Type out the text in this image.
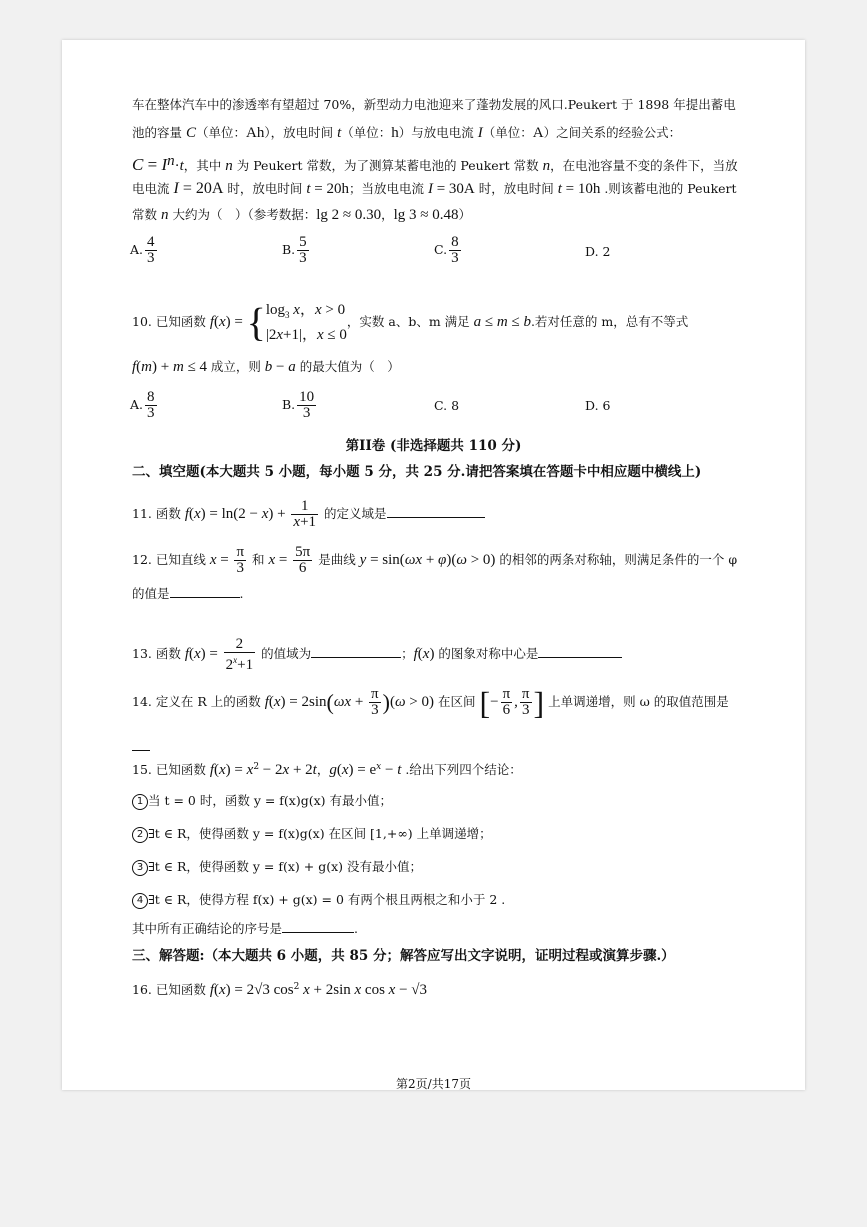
车在整体汽车中的渗透率有望超过 70%，新型动力电池迎来了蓬勃发展的风口.Peukert 于 1898 年提出蓄电
池的容量 C（单位：Ah），放电时间 t（单位：h）与放电电流 I（单位：A）之间关系的经验公式：
$C = I^n\cdot t$，其中 n 为 Peukert 常数，为了测算某蓄电池的 Peukert 常数 n，在电池容量不变的条件下，当放
电电流 I = 20A 时，放电时间 t = 20h；当放电电流 I = 30A 时，放电时间 t = 10h .则该蓄电池的 Peukert
常数 n 大约为（　）（参考数据：lg 2 ≈ 0.30，lg 3 ≈ 0.48）
A. $\frac{4}{3}$	B. $\frac{5}{3}$	C. $\frac{8}{3}$	D. 2
10. 已知函数 $f(x) = \{\log_3$ x，x > 0
|2x+1|，x ≤ 0，实数 a、b、m 满足 a ≤ m ≤ b.若对任意的 m，总有不等式
f(m) + m ≤ 4 成立，则 b − a 的最大值为（　）
A. $\frac{8}{3}$	B. $\frac{10}{3}$	C. 8	D. 6
第II卷 (非选择题共 110 分)
二、填空题(本大题共 5 小题，每小题 5 分，共 25 分.请把答案填在答题卡中相应题中横线上)
11. 函数 $f(x) = \ln(2 - x) + \frac{1}{x+1}$ 的定义域是
12. 已知直线 $x = \frac{\pi}{3}$ 和 $x = \frac{5\pi}{6}$ 是曲线 y = sin(ωx + φ)(ω > 0) 的相邻的两条对称轴，则满足条件的一个 φ
的值是	.
13. 函数 $f(x) = \frac{2}{2^x+1}$ 的值域为	；f(x) 的图象对称中心是
14. 定义在 R 上的函数 $f(x) = 2\sin(\omega x + \frac{\pi}{3} )(\omega > 0)$ 在区间 [− $\frac{\pi}{6}$ , $\frac{\pi}{3}$ ] 上单调递增，则 ω 的取值范围是
15. 已知函数 $f(x) = x^2 - 2x + 2t$，$g(x) = e^x - t$ .给出下列四个结论：
1 当 t = 0 时，函数 y = f(x)g(x) 有最小值；
2 ∃t ∈ R，使得函数 y = f(x)g(x) 在区间 [1,+∞) 上单调递增；
3 ∃t ∈ R，使得函数 y = f(x) + g(x) 没有最小值；
4 ∃t ∈ R，使得方程 f(x) + g(x) = 0 有两个根且两根之和小于 2 .
其中所有正确结论的序号是	.
三、解答题:（本大题共 6 小题，共 85 分；解答应写出文字说明，证明过程或演算步骤.）
16. 已知函数 f(x) = 2√3 $\cos^2 x + 2\sin$ x cos x − √3
第2页/共17页
